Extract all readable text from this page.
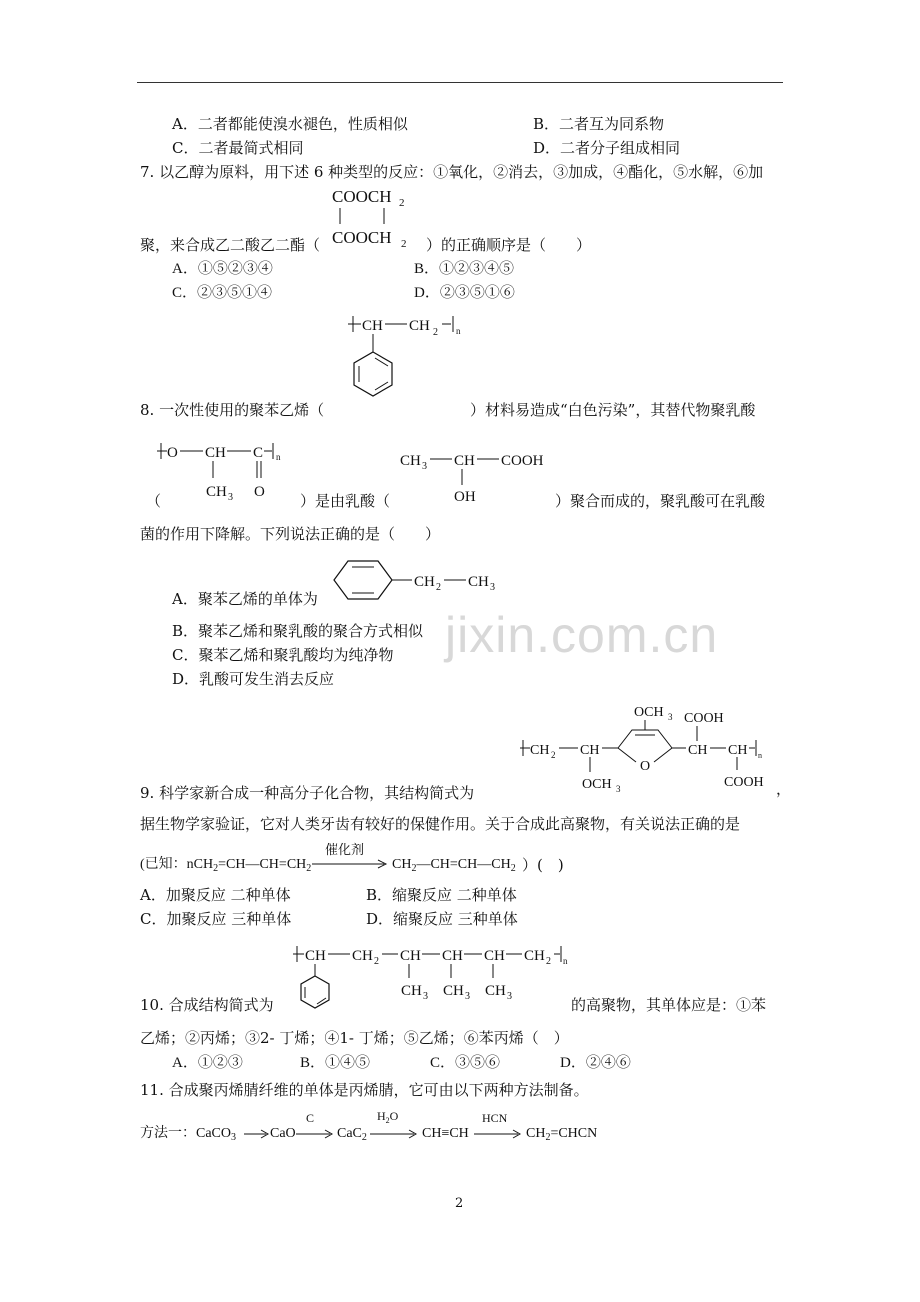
A．二者都能使溴水褪色，性质相似	B．二者互为同系物
C．二者最简式相同	D．二者分子组成相同
7. 以乙醇为原料，用下述 6 种类型的反应：①氧化，②消去，③加成，④酯化，⑤水解，⑥加
COOCH 2
COOCH 2
聚，来合成乙二酸乙二酯（	）的正确顺序是（　　）
A．①⑤②③④	B．①②③④⑤
C．②③⑤①④	D．②③⑤①⑥
CH CH 2 n
8. 一次性使用的聚苯乙烯（	）材料易造成“白色污染”，其替代物聚乳酸
O CH C n
CH 3 O
CH 3 CH COOH
OH
（	）是由乳酸（	）聚合而成的，聚乳酸可在乳酸
菌的作用下降解。下列说法正确的是（　　）
A．聚苯乙烯的单体为
CH 2 CH 3
B．聚苯乙烯和聚乳酸的聚合方式相似
C．聚苯乙烯和聚乳酸均为纯净物
D．乳酸可发生消去反应
jixin.com.cn
CH 2 CH
OCH 3
O
OCH 3
CH
COOH
CH n
COOH
9. 科学家新合成一种高分子化合物，其结构简式为	，
据生物学家验证，它对人类牙齿有较好的保健作用。关于合成此高聚物，有关说法正确的是
(已知：$nCH_2=CH—CH=CH_2$
催化剂
$CH_2—CH=CH—CH_2$ ）(　)
A．加聚反应 二种单体	B．缩聚反应 二种单体
C．加聚反应 三种单体	D．缩聚反应 三种单体
CH CH 2 CH CH CH CH 2 n
CH 3 CH 3 CH 3
10. 合成结构简式为	的高聚物，其单体应是：①苯
乙烯；②丙烯；③2- 丁烯；④1- 丁烯；⑤乙烯；⑥苯丙烯（　）
A．①②③	B．①④⑤	C．③⑤⑥	D．②④⑥
11. 合成聚丙烯腈纤维的单体是丙烯腈，它可由以下两种方法制备。
方法一：CaCO$_3$ → CaO
C
→ CaC$_2$
$H_2O$
→ CH≡CH
HCN
→ $CH_2=CHCN$
2
